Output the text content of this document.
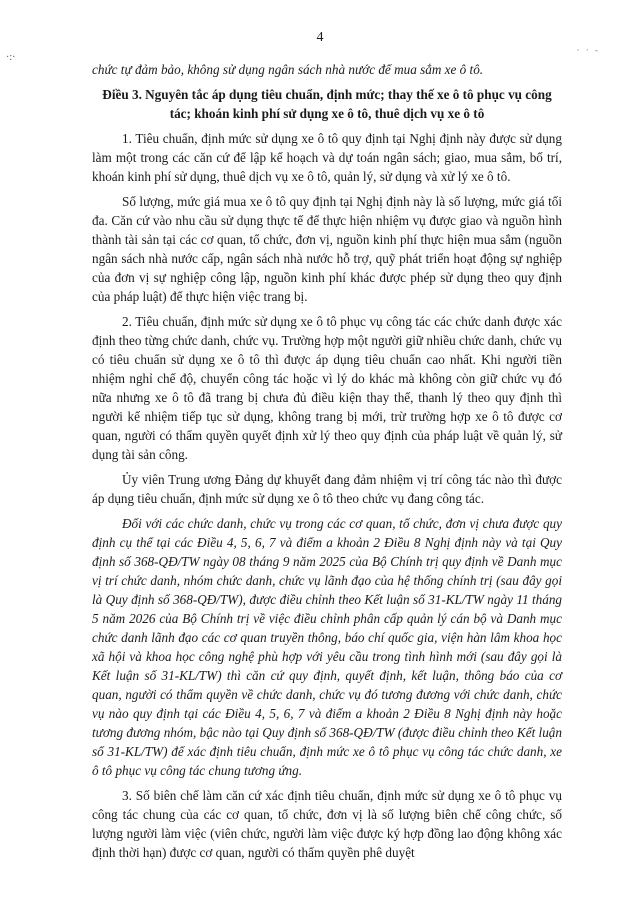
·:·
· · -
4

chức tự đảm bảo, không sử dụng ngân sách nhà nước để mua sắm xe ô tô.

Điều 3. Nguyên tắc áp dụng tiêu chuẩn, định mức; thay thế xe ô tô phục vụ công tác; khoán kinh phí sử dụng xe ô tô, thuê dịch vụ xe ô tô

1. Tiêu chuẩn, định mức sử dụng xe ô tô quy định tại Nghị định này được sử dụng làm một trong các căn cứ để lập kế hoạch và dự toán ngân sách; giao, mua sắm, bố trí, khoán kinh phí sử dụng, thuê dịch vụ xe ô tô, quản lý, sử dụng và xử lý xe ô tô.

Số lượng, mức giá mua xe ô tô quy định tại Nghị định này là số lượng, mức giá tối đa. Căn cứ vào nhu cầu sử dụng thực tế để thực hiện nhiệm vụ được giao và nguồn hình thành tài sản tại các cơ quan, tổ chức, đơn vị, nguồn kinh phí thực hiện mua sắm (nguồn ngân sách nhà nước cấp, ngân sách nhà nước hỗ trợ, quỹ phát triển hoạt động sự nghiệp của đơn vị sự nghiệp công lập, nguồn kinh phí khác được phép sử dụng theo quy định của pháp luật) để thực hiện việc trang bị.

2. Tiêu chuẩn, định mức sử dụng xe ô tô phục vụ công tác các chức danh được xác định theo từng chức danh, chức vụ. Trường hợp một người giữ nhiều chức danh, chức vụ có tiêu chuẩn sử dụng xe ô tô thì được áp dụng tiêu chuẩn cao nhất. Khi người tiền nhiệm nghỉ chế độ, chuyển công tác hoặc vì lý do khác mà không còn giữ chức vụ đó nữa nhưng xe ô tô đã trang bị chưa đủ điều kiện thay thế, thanh lý theo quy định thì người kế nhiệm tiếp tục sử dụng, không trang bị mới, trừ trường hợp xe ô tô được cơ quan, người có thẩm quyền quyết định xử lý theo quy định của pháp luật về quản lý, sử dụng tài sản công.

Ủy viên Trung ương Đảng dự khuyết đang đảm nhiệm vị trí công tác nào thì được áp dụng tiêu chuẩn, định mức sử dụng xe ô tô theo chức vụ đang công tác.

Đối với các chức danh, chức vụ trong các cơ quan, tổ chức, đơn vị chưa được quy định cụ thể tại các Điều 4, 5, 6, 7 và điểm a khoản 2 Điều 8 Nghị định này và tại Quy định số 368-QĐ/TW ngày 08 tháng 9 năm 2025 của Bộ Chính trị quy định về Danh mục vị trí chức danh, nhóm chức danh, chức vụ lãnh đạo của hệ thống chính trị (sau đây gọi là Quy định số 368-QĐ/TW), được điều chỉnh theo Kết luận số 31-KL/TW ngày 11 tháng 5 năm 2026 của Bộ Chính trị về việc điều chỉnh phân cấp quản lý cán bộ và Danh mục chức danh lãnh đạo các cơ quan truyền thông, báo chí quốc gia, viện hàn lâm khoa học xã hội và khoa học công nghệ phù hợp với yêu cầu trong tình hình mới (sau đây gọi là Kết luận số 31-KL/TW) thì căn cứ quy định, quyết định, kết luận, thông báo của cơ quan, người có thẩm quyền về chức danh, chức vụ đó tương đương với chức danh, chức vụ nào quy định tại các Điều 4, 5, 6, 7 và điểm a khoản 2 Điều 8 Nghị định này hoặc tương đương nhóm, bậc nào tại Quy định số 368-QĐ/TW (được điều chỉnh theo Kết luận số 31-KL/TW) để xác định tiêu chuẩn, định mức xe ô tô phục vụ công tác chức danh, xe ô tô phục vụ công tác chung tương ứng.

3. Số biên chế làm căn cứ xác định tiêu chuẩn, định mức sử dụng xe ô tô phục vụ công tác chung của các cơ quan, tổ chức, đơn vị là số lượng biên chế công chức, số lượng người làm việc (viên chức, người làm việc được ký hợp đồng lao động không xác định thời hạn) được cơ quan, người có thẩm quyền phê duyệt
